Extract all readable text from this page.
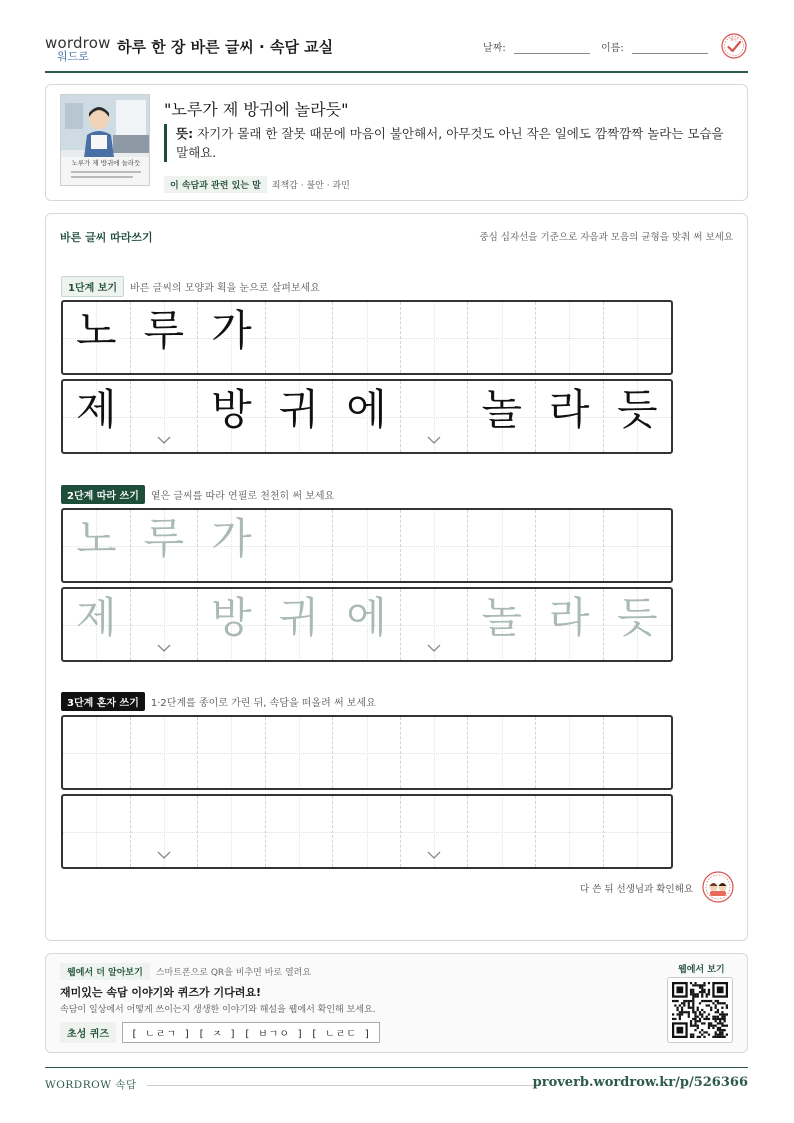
wordrow
워드로
하루 한 장 바른 글씨 · 속담 교실	날짜:	이름:
확인
노루가 제 방귀에 놀라듯
"노루가 제 방귀에 놀라듯"
뜻: 자기가 몰래 한 잘못 때문에 마음이 불안해서, 아무것도 아닌 작은 일에도 깜짝깜짝 놀라는 모습을 말해요.
이 속담과 관련 있는 말 죄책감 · 불안 · 과민
바른 글씨 따라쓰기	중심 십자선을 기준으로 자음과 모음의 균형을 맞춰 써 보세요
1단계 보기 바른 글씨의 모양과 획을 눈으로 살펴보세요
노 루 가
제	방 귀 에	놀 라 듯
2단계 따라 쓰기 옅은 글씨를 따라 연필로 천천히 써 보세요
노 루 가
제	방 귀 에	놀 라 듯
3단계 혼자 쓰기 1·2단계를 종이로 가린 뒤, 속담을 떠올려 써 보세요
다 쓴 뒤 선생님과 확인해요
웹에서 더 알아보기 스마트폰으로 QR을 비추면 바로 열려요
재미있는 속담 이야기와 퀴즈가 기다려요!
속담이 일상에서 어떻게 쓰이는지 생생한 이야기와 해설을 웹에서 확인해 보세요.
초성 퀴즈 [ ㄴㄹㄱ ] [ ㅈ ] [ ㅂㄱㅇ ] [ ㄴㄹㄷ ]
웹에서 보기
WORDROW 속담	proverb.wordrow.kr/p/526366
